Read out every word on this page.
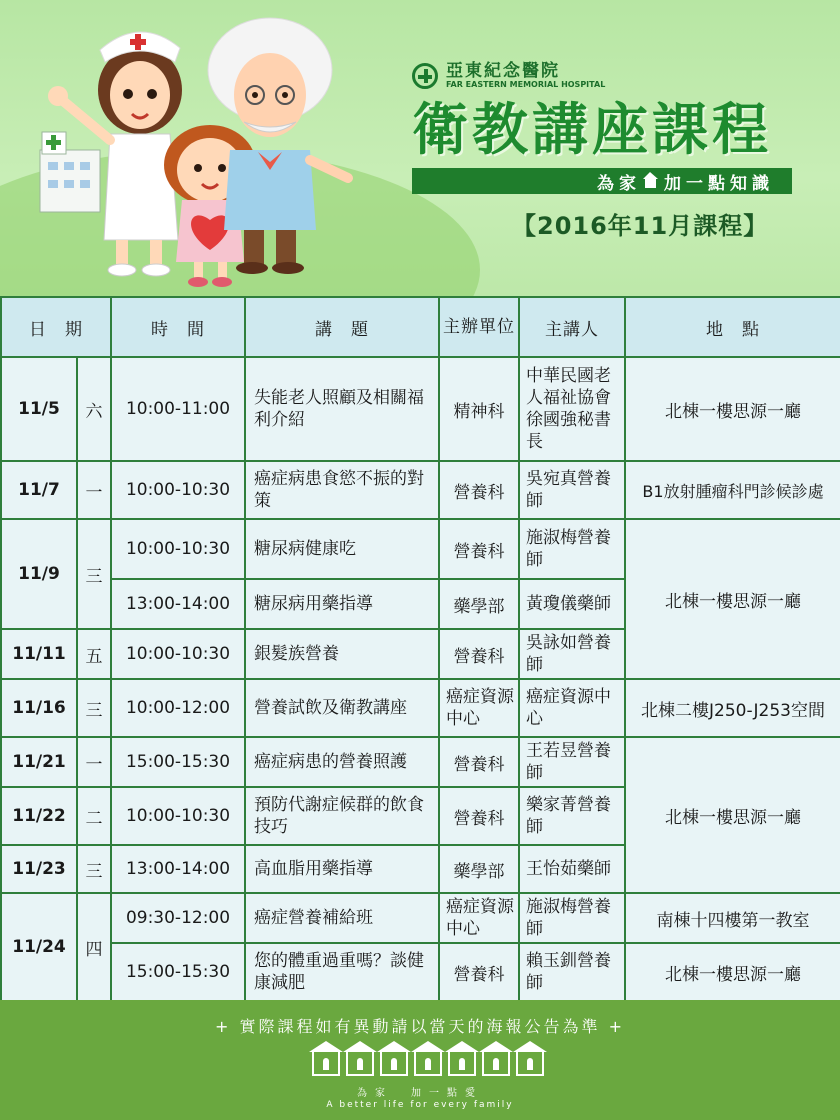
亞東紀念醫院
FAR EASTERN MEMORIAL HOSPITAL
衛教講座課程
為家 加一點知識
【2016年11月課程】
日　期		時　間	講　題	主辦單位	主講人	地　點
11/5	六	10:00-11:00	失能老人照顧及相關福利介紹	精神科	中華民國老人福祉協會徐國強秘書長	北棟一樓思源一廳
11/7	一	10:00-10:30	癌症病患食慾不振的對策	營養科	吳宛真營養師	B1放射腫瘤科門診候診處
11/9	三	10:00-10:30	糖尿病健康吃	營養科	施淑梅營養師	北棟一樓思源一廳
		13:00-14:00	糖尿病用藥指導	藥學部	黃瓊儀藥師	
11/11	五	10:00-10:30	銀髮族營養	營養科	吳詠如營養師	
11/16	三	10:00-12:00	營養試飲及衛教講座	癌症資源中心	癌症資源中心	北棟二樓J250-J253空間
11/21	一	15:00-15:30	癌症病患的營養照護	營養科	王若昱營養師	北棟一樓思源一廳
11/22	二	10:00-10:30	預防代謝症候群的飲食技巧	營養科	樂家菁營養師	
11/23	三	13:00-14:00	高血脂用藥指導	藥學部	王怡茹藥師	
11/24	四	09:30-12:00	癌症營養補給班	癌症資源中心	施淑梅營養師	南棟十四樓第一教室
		15:00-15:30	您的體重過重嗎？談健康減肥	營養科	賴玉釧營養師	北棟一樓思源一廳
+ 實際課程如有異動請以當天的海報公告為準 +
為家　加一點愛
A better life for every family
